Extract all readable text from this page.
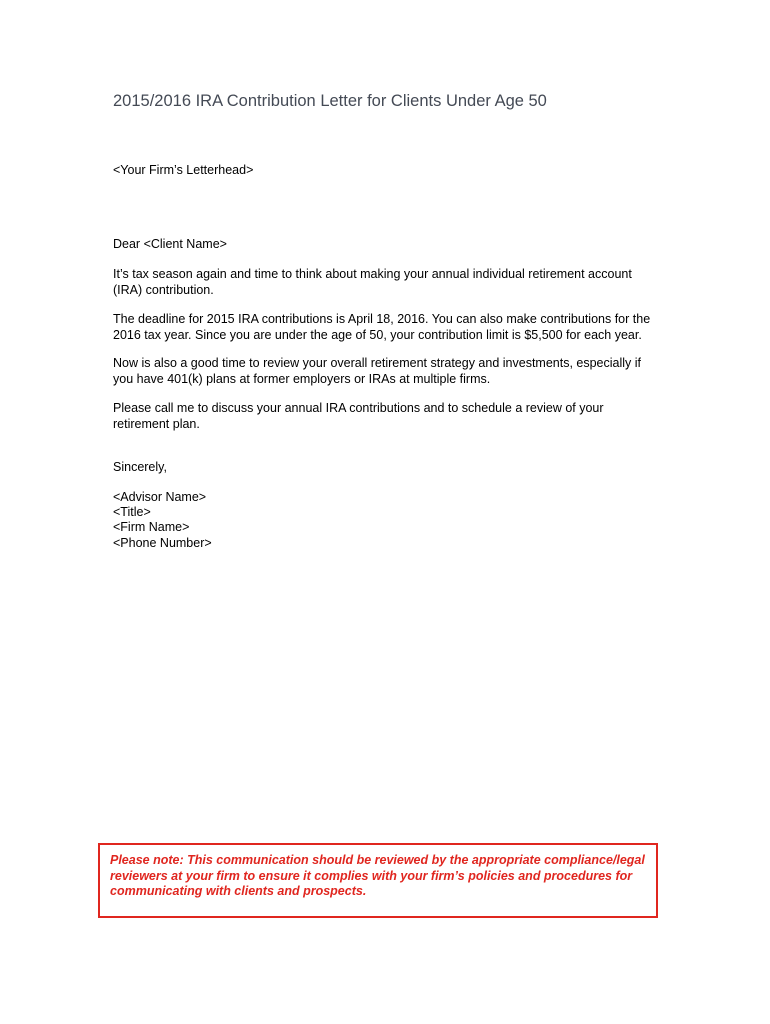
2015/2016 IRA Contribution Letter for Clients Under Age 50
<Your Firm’s Letterhead>
Dear <Client Name>
It’s tax season again and time to think about making your annual individual retirement account
(IRA) contribution.
The deadline for 2015 IRA contributions is April 18, 2016. You can also make contributions for the
2016 tax year. Since you are under the age of 50, your contribution limit is $5,500 for each year.
Now is also a good time to review your overall retirement strategy and investments, especially if
you have 401(k) plans at former employers or IRAs at multiple firms.
Please call me to discuss your annual IRA contributions and to schedule a review of your
retirement plan.
Sincerely,
<Advisor Name>
<Title>
<Firm Name>
<Phone Number>
Please note: This communication should be reviewed by the appropriate compliance/legal
reviewers at your firm to ensure it complies with your firm’s policies and procedures for
communicating with clients and prospects.
